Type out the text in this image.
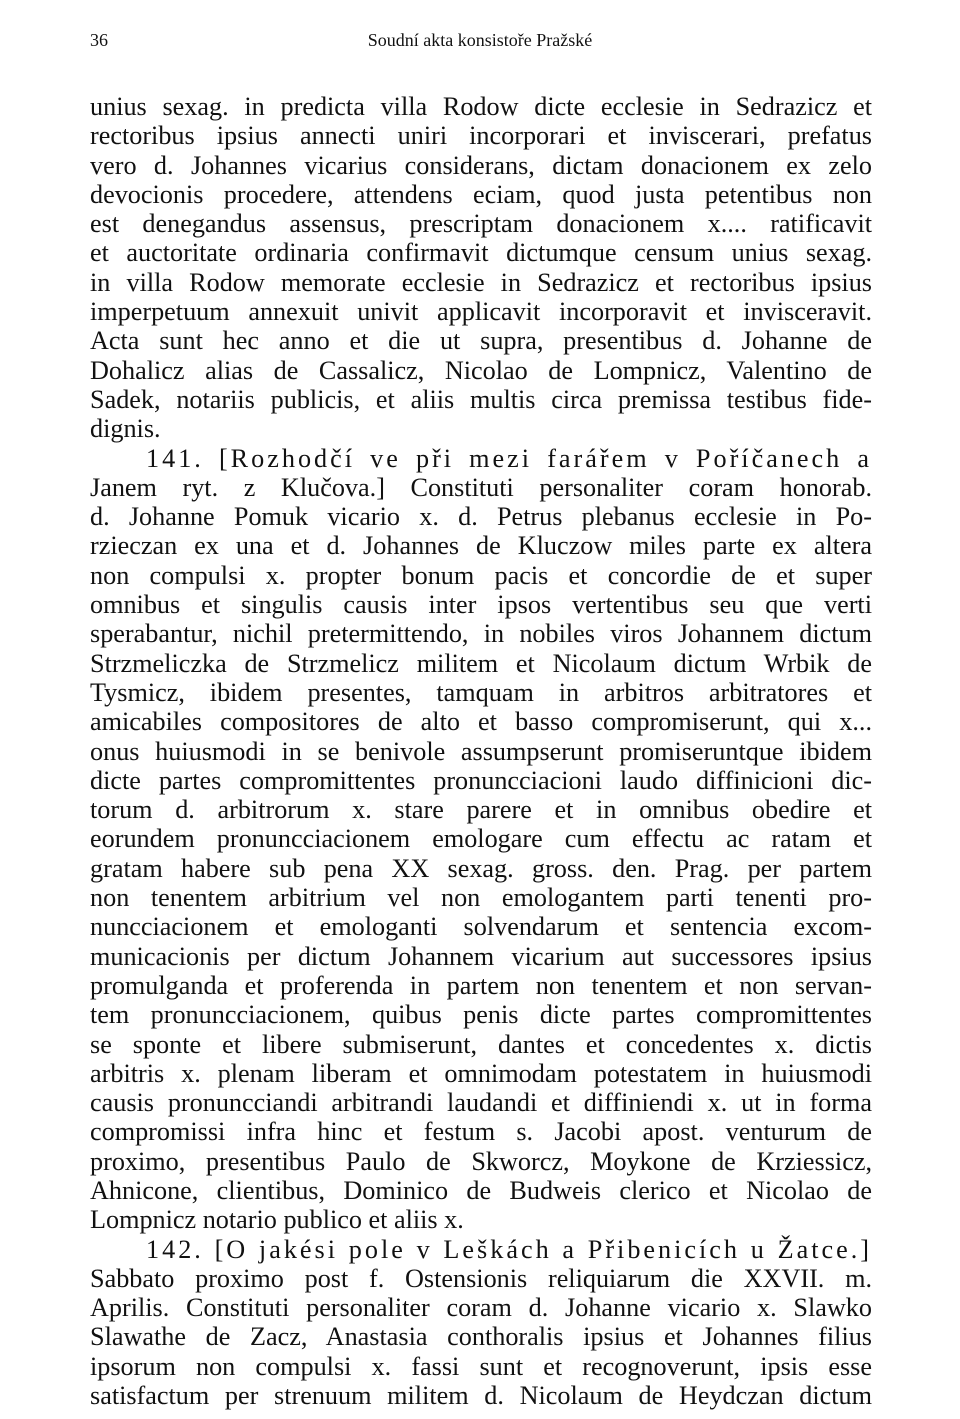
36	Soudní akta konsistoře Pražské
unius sexag. in predicta villa Rodow dicte ecclesie in Sedrazicz et
rectoribus ipsius annecti uniri incorporari et inviscerari, prefatus
vero d. Johannes vicarius considerans, dictam donacionem ex zelo
devocionis procedere, attendens eciam, quod justa petentibus non
est denegandus assensus, prescriptam donacionem x.... ratificavit
et auctoritate ordinaria confirmavit dictumque censum unius sexag.
in villa Rodow memorate ecclesie in Sedrazicz et rectoribus ipsius
imperpetuum annexuit univit applicavit incorporavit et invisceravit.
Acta sunt hec anno et die ut supra, presentibus d. Johanne de
Dohalicz alias de Cassalicz, Nicolao de Lompnicz, Valentino de
Sadek, notariis publicis, et aliis multis circa premissa testibus fide-
dignis.
141. [Rozhodčí ve při mezi farářem v Poříčanech a
Janem ryt. z Klučova.] Constituti personaliter coram honorab.
d. Johanne Pomuk vicario x. d. Petrus plebanus ecclesie in Po-
rzieczan ex una et d. Johannes de Kluczow miles parte ex altera
non compulsi x. propter bonum pacis et concordie de et super
omnibus et singulis causis inter ipsos vertentibus seu que verti
sperabantur, nichil pretermittendo, in nobiles viros Johannem dictum
Strzmeliczka de Strzmelicz militem et Nicolaum dictum Wrbik de
Tysmicz, ibidem presentes, tamquam in arbitros arbitratores et
amicabiles compositores de alto et basso compromiserunt, qui x...
onus huiusmodi in se benivole assumpserunt promiseruntque ibidem
dicte partes compromittentes pronuncciacioni laudo diffinicioni dic-
torum d. arbitrorum x. stare parere et in omnibus obedire et
eorundem pronuncciacionem emologare cum effectu ac ratam et
gratam habere sub pena XX sexag. gross. den. Prag. per partem
non tenentem arbitrium vel non emologantem parti tenenti pro-
nuncciacionem et emologanti solvendarum et sentencia excom-
municacionis per dictum Johannem vicarium aut successores ipsius
promulganda et proferenda in partem non tenentem et non servan-
tem pronuncciacionem, quibus penis dicte partes compromittentes
se sponte et libere submiserunt, dantes et concedentes x. dictis
arbitris x. plenam liberam et omnimodam potestatem in huiusmodi
causis pronuncciandi arbitrandi laudandi et diffiniendi x. ut in forma
compromissi infra hinc et festum s. Jacobi apost. venturum de
proximo, presentibus Paulo de Skworcz, Moykone de Krziessicz,
Ahnicone, clientibus, Dominico de Budweis clerico et Nicolao de
Lompnicz notario publico et aliis x.
142. [O jakési pole v Leškách a Přibenicích u Žatce.]
Sabbato proximo post f. Ostensionis reliquiarum die XXVII. m.
Aprilis. Constituti personaliter coram d. Johanne vicario x. Slawko
Slawathe de Zacz, Anastasia conthoralis ipsius et Johannes filius
ipsorum non compulsi x. fassi sunt et recognoverunt, ipsis esse
satisfactum per strenuum militem d. Nicolaum de Heydczan dictum
